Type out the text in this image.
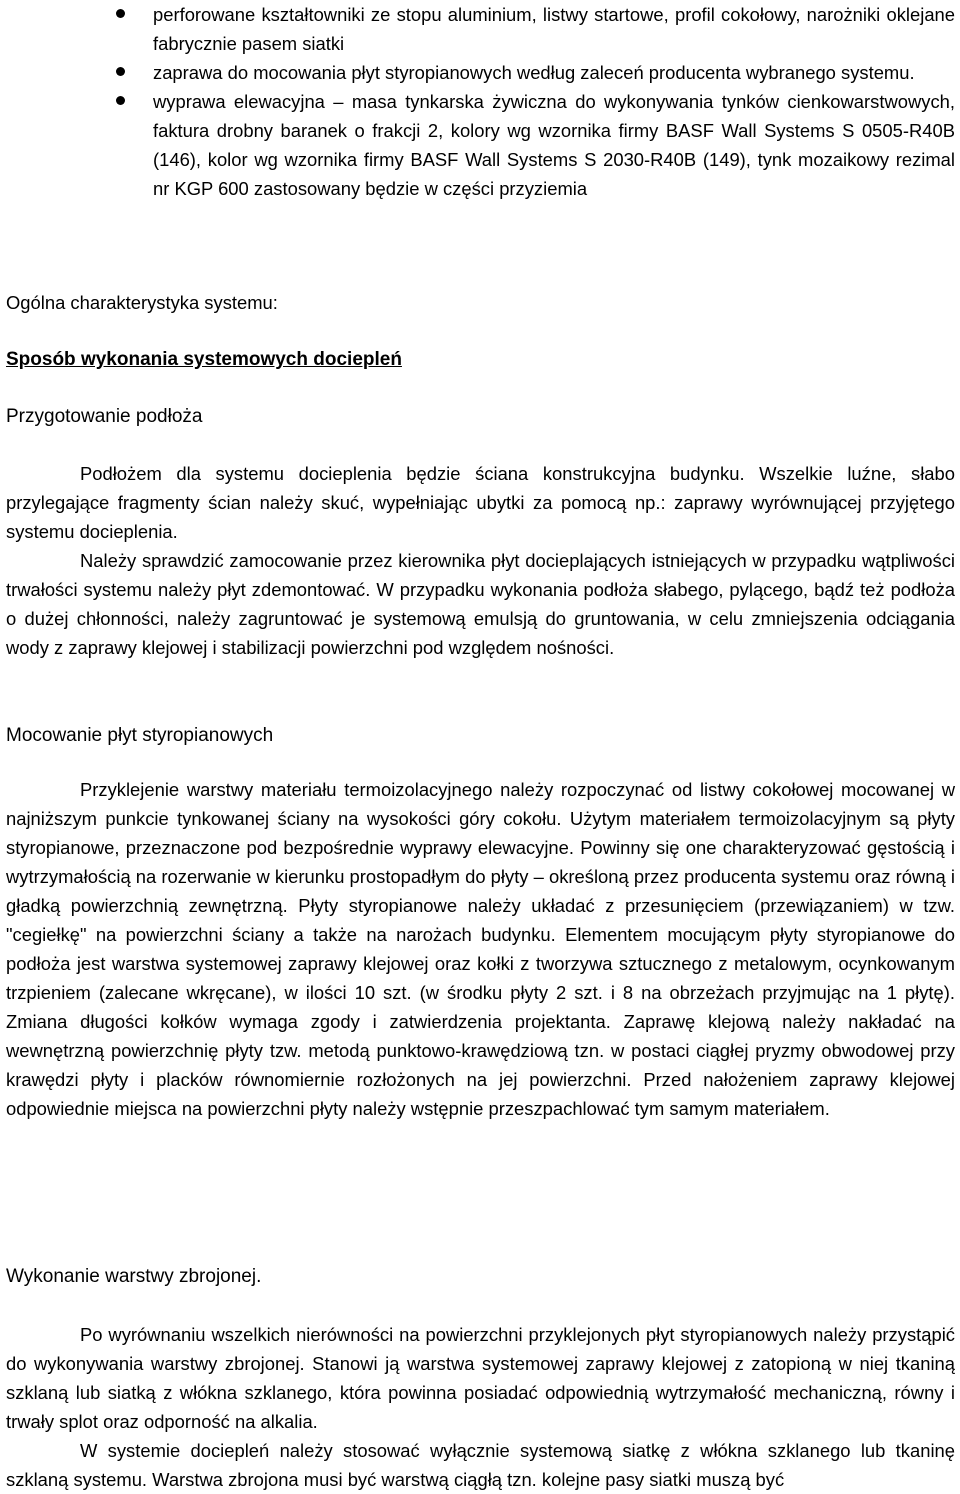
perforowane kształtowniki ze stopu aluminium, listwy startowe, profil cokołowy, narożniki oklejane fabrycznie pasem siatki
zaprawa do mocowania płyt styropianowych według zaleceń producenta wybranego systemu.
wyprawa elewacyjna – masa tynkarska żywiczna do wykonywania tynków cienkowarstwowych, faktura drobny baranek o frakcji 2, kolory wg wzornika firmy BASF Wall Systems S 0505-R40B (146), kolor wg wzornika firmy BASF Wall Systems S 2030-R40B (149), tynk mozaikowy rezimal nr KGP 600 zastosowany będzie w części przyziemia
Ogólna charakterystyka systemu:
Sposób wykonania systemowych dociepleń
Przygotowanie podłoża
Podłożem dla systemu docieplenia będzie ściana konstrukcyjna budynku. Wszelkie luźne, słabo przylegające fragmenty ścian należy skuć, wypełniając ubytki za pomocą np.: zaprawy wyrównującej przyjętego systemu docieplenia.
Należy sprawdzić zamocowanie przez kierownika płyt docieplających istniejących w przypadku wątpliwości trwałości systemu należy płyt zdemontować. W przypadku wykonania podłoża słabego, pylącego, bądź też podłoża o dużej chłonności, należy zagruntować je systemową emulsją do gruntowania, w celu zmniejszenia odciągania wody z zaprawy klejowej i stabilizacji powierzchni pod względem nośności.
Mocowanie płyt styropianowych
Przyklejenie warstwy materiału termoizolacyjnego należy rozpoczynać od listwy cokołowej mocowanej w najniższym punkcie tynkowanej ściany na wysokości góry cokołu. Użytym materiałem termoizolacyjnym są płyty styropianowe, przeznaczone pod bezpośrednie wyprawy elewacyjne. Powinny się one charakteryzować gęstością i wytrzymałością na rozerwanie w kierunku prostopadłym do płyty – określoną przez producenta systemu oraz równą i gładką powierzchnią zewnętrzną. Płyty styropianowe należy układać z przesunięciem (przewiązaniem) w tzw. "cegiełkę" na powierzchni ściany a także na narożach budynku. Elementem mocującym płyty styropianowe do podłoża jest warstwa systemowej zaprawy klejowej oraz kołki z tworzywa sztucznego z metalowym, ocynkowanym trzpieniem (zalecane wkręcane), w ilości 10 szt. (w środku płyty 2 szt. i 8 na obrzeżach przyjmując na 1 płytę). Zmiana długości kołków wymaga zgody i zatwierdzenia projektanta. Zaprawę klejową należy nakładać na wewnętrzną powierzchnię płyty tzw. metodą punktowo-krawędziową tzn. w postaci ciągłej pryzmy obwodowej przy krawędzi płyty i placków równomiernie rozłożonych na jej powierzchni. Przed nałożeniem zaprawy klejowej odpowiednie miejsca na powierzchni płyty należy wstępnie przeszpachlować tym samym materiałem.
Wykonanie warstwy zbrojonej.
Po wyrównaniu wszelkich nierówności na powierzchni przyklejonych płyt styropianowych należy przystąpić do wykonywania warstwy zbrojonej. Stanowi ją warstwa systemowej zaprawy klejowej z zatopioną w niej tkaniną szklaną lub siatką z włókna szklanego, która powinna posiadać odpowiednią wytrzymałość mechaniczną, równy i trwały splot oraz odporność na alkalia.
W systemie dociepleń należy stosować wyłącznie systemową siatkę z włókna szklanego lub tkaninę szklaną systemu. Warstwa zbrojona musi być warstwą ciągłą tzn. kolejne pasy siatki muszą być
